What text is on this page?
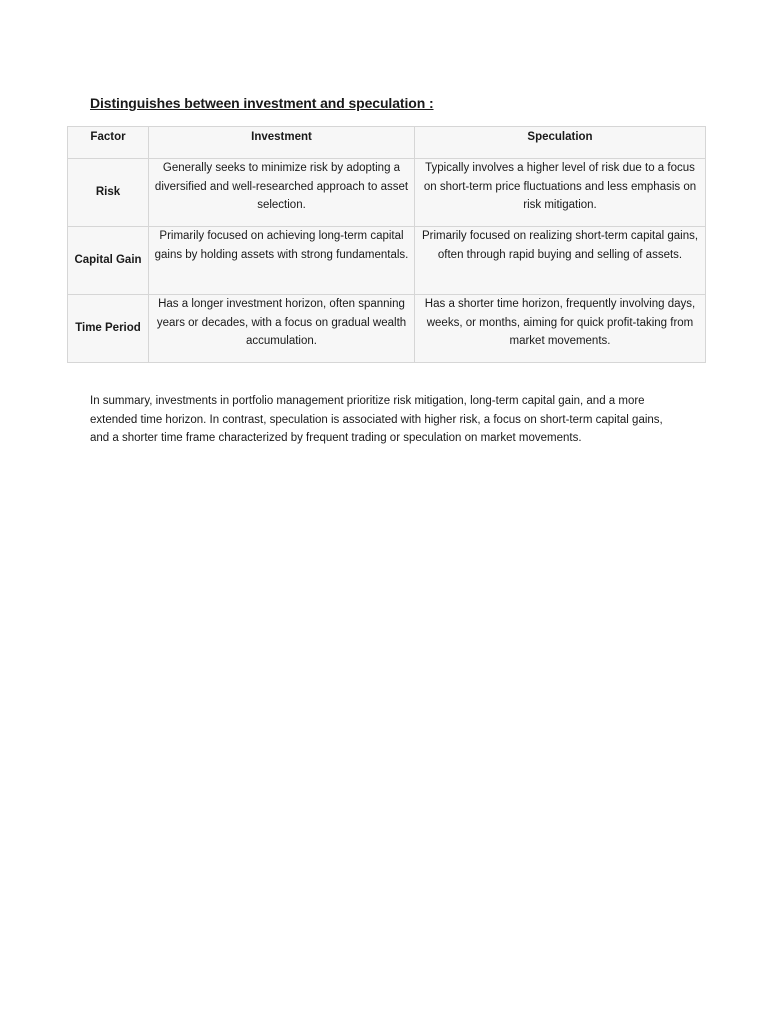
Distinguishes between investment and speculation :
Factor	Investment	Speculation
Risk	Generally seeks to minimize risk by adopting a diversified and well-researched approach to asset selection.	Typically involves a higher level of risk due to a focus on short-term price fluctuations and less emphasis on risk mitigation.
Capital Gain	Primarily focused on achieving long-term capital gains by holding assets with strong fundamentals.	Primarily focused on realizing short-term capital gains, often through rapid buying and selling of assets.
Time Period	Has a longer investment horizon, often spanning years or decades, with a focus on gradual wealth accumulation.	Has a shorter time horizon, frequently involving days, weeks, or months, aiming for quick profit-taking from market movements.

In summary, investments in portfolio management prioritize risk mitigation, long-term capital gain, and a more extended time horizon. In contrast, speculation is associated with higher risk, a focus on short-term capital gains, and a shorter time frame characterized by frequent trading or speculation on market movements.
